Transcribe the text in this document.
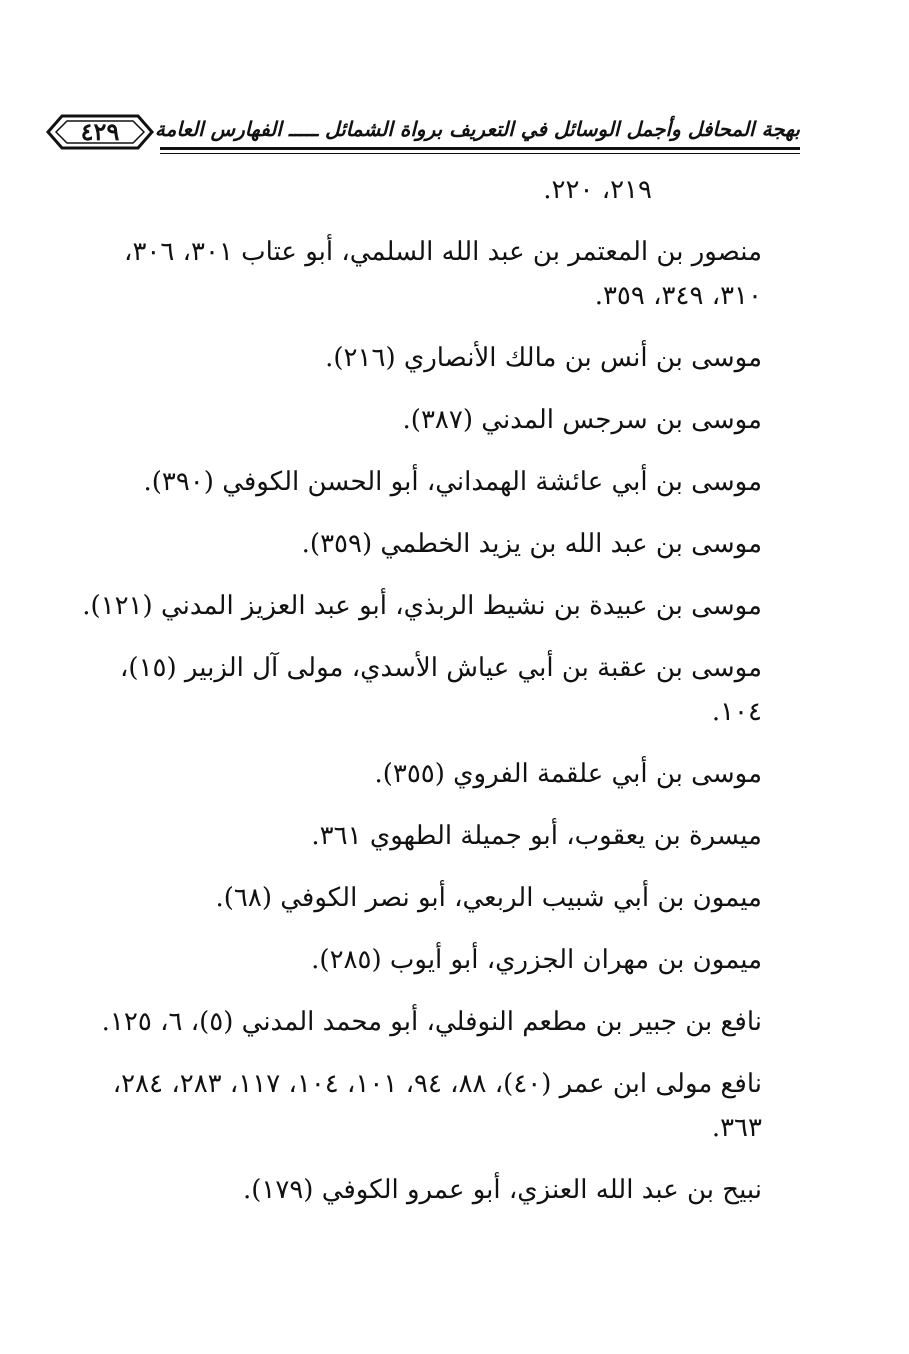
٤٢٩	بهجة المحافل وأجمل الوسائل في التعريف برواة الشمائل ـــــ الفهارس العامة
٢١٩، ٢٢٠.
منصور بن المعتمر بن عبد الله السلمي، أبو عتاب ٣٠١، ٣٠٦، ٣١٠، ٣٤٩، ٣٥٩.
موسى بن أنس بن مالك الأنصاري (٢١٦).
موسى بن سرجس المدني (٣٨٧).
موسى بن أبي عائشة الهمداني، أبو الحسن الكوفي (٣٩٠).
موسى بن عبد الله بن يزيد الخطمي (٣٥٩).
موسى بن عبيدة بن نشيط الربذي، أبو عبد العزيز المدني (١٢١).
موسى بن عقبة بن أبي عياش الأسدي، مولى آل الزبير (١٥)، ١٠٤.
موسى بن أبي علقمة الفروي (٣٥٥).
ميسرة بن يعقوب، أبو جميلة الطهوي ٣٦١.
ميمون بن أبي شبيب الربعي، أبو نصر الكوفي (٦٨).
ميمون بن مهران الجزري، أبو أيوب (٢٨٥).
نافع بن جبير بن مطعم النوفلي، أبو محمد المدني (٥)، ٦، ١٢٥.
نافع مولى ابن عمر (٤٠)، ٨٨، ٩٤، ١٠١، ١٠٤، ١١٧، ٢٨٣، ٢٨٤، ٣٦٣.
نبيح بن عبد الله العنزي، أبو عمرو الكوفي (١٧٩).
